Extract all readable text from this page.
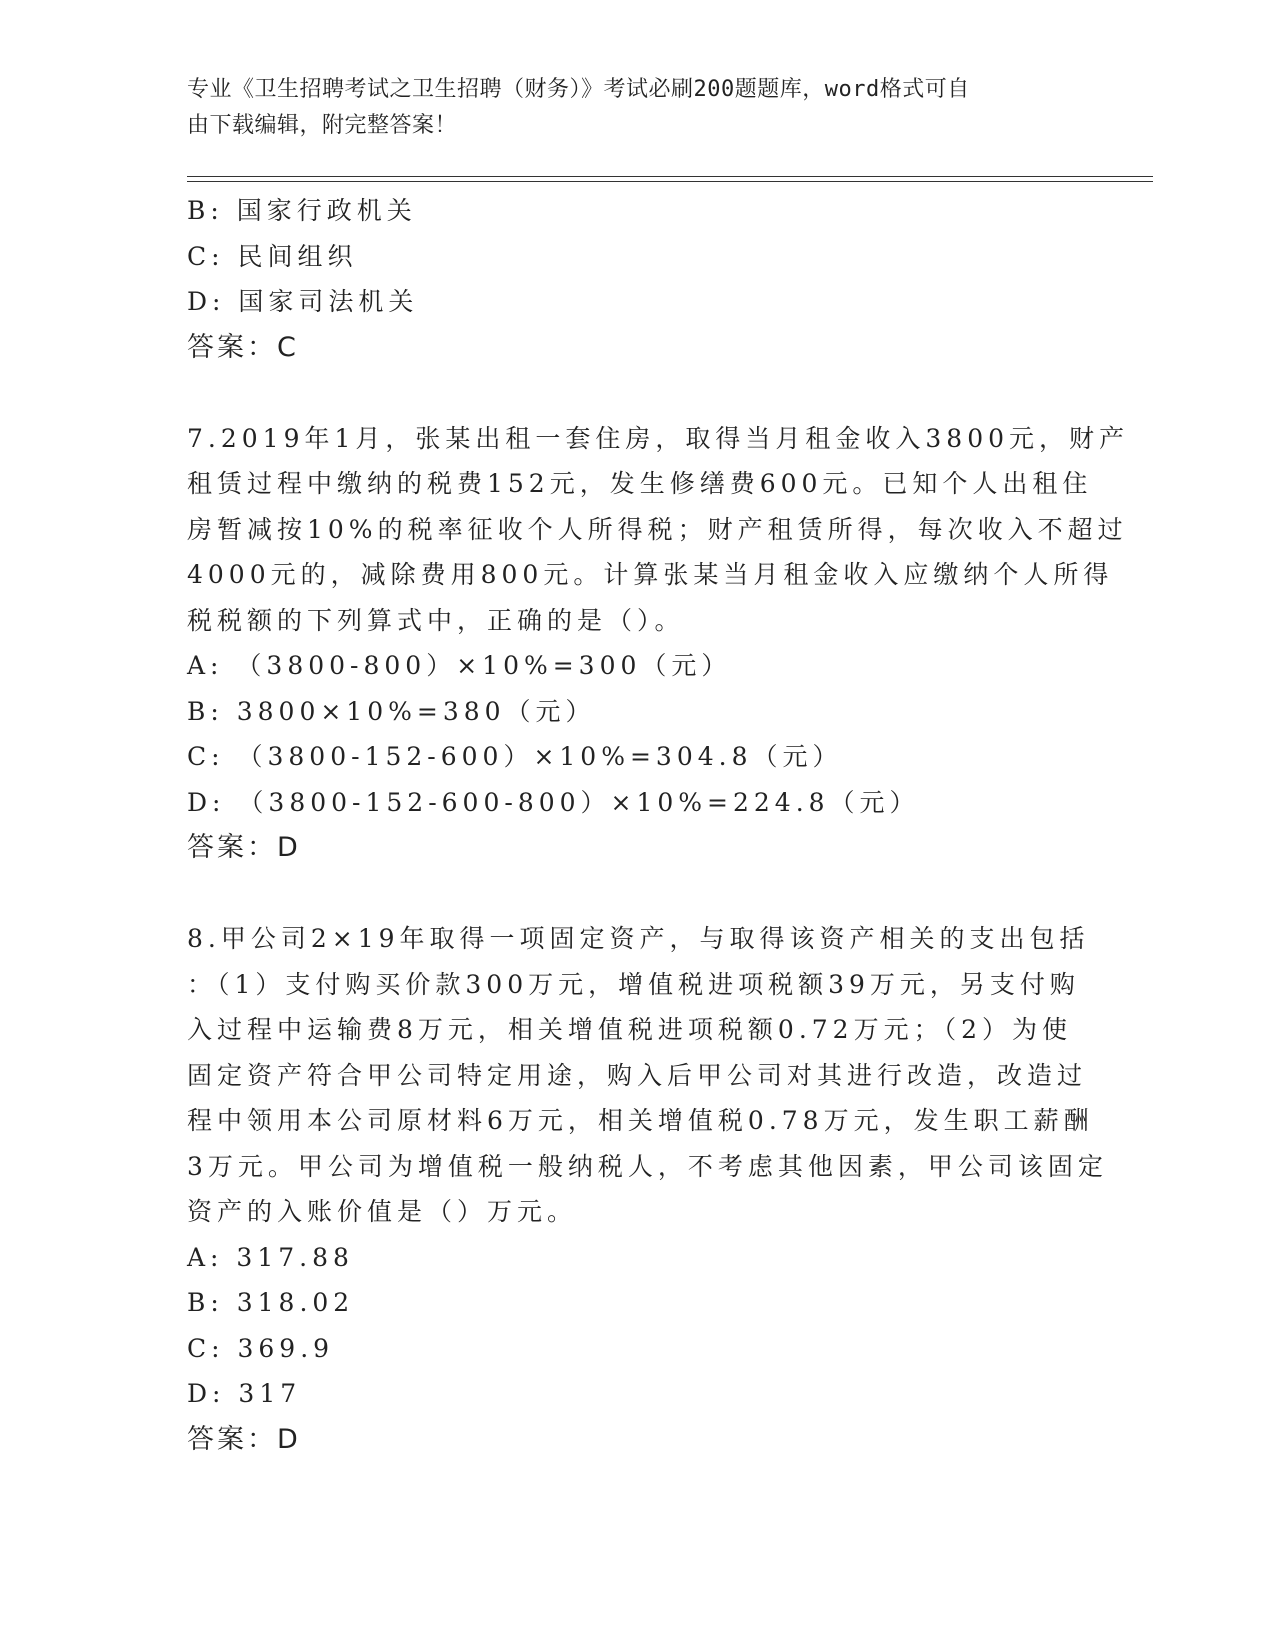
专业《卫生招聘考试之卫生招聘（财务）》考试必刷200题题库，word格式可自
由下载编辑，附完整答案！
B: 国家行政机关
C: 民间组织
D: 国家司法机关
答案：C
7.2019年1月，张某出租一套住房，取得当月租金收入3800元，财产
租赁过程中缴纳的税费152元，发生修缮费600元。已知个人出租住
房暂减按10%的税率征收个人所得税；财产租赁所得，每次收入不超过
4000元的，减除费用800元。计算张某当月租金收入应缴纳个人所得
税税额的下列算式中，正确的是（）。
A: （3800-800）×10%=300（元）
B: 3800×10%=380（元）
C: （3800-152-600）×10%=304.8（元）
D: （3800-152-600-800）×10%=224.8（元）
答案：D
8.甲公司2×19年取得一项固定资产，与取得该资产相关的支出包括
：（1）支付购买价款300万元，增值税进项税额39万元，另支付购
入过程中运输费8万元，相关增值税进项税额0.72万元；（2）为使
固定资产符合甲公司特定用途，购入后甲公司对其进行改造，改造过
程中领用本公司原材料6万元，相关增值税0.78万元，发生职工薪酬
3万元。甲公司为增值税一般纳税人，不考虑其他因素，甲公司该固定
资产的入账价值是（）万元。
A: 317.88
B: 318.02
C: 369.9
D: 317
答案：D
